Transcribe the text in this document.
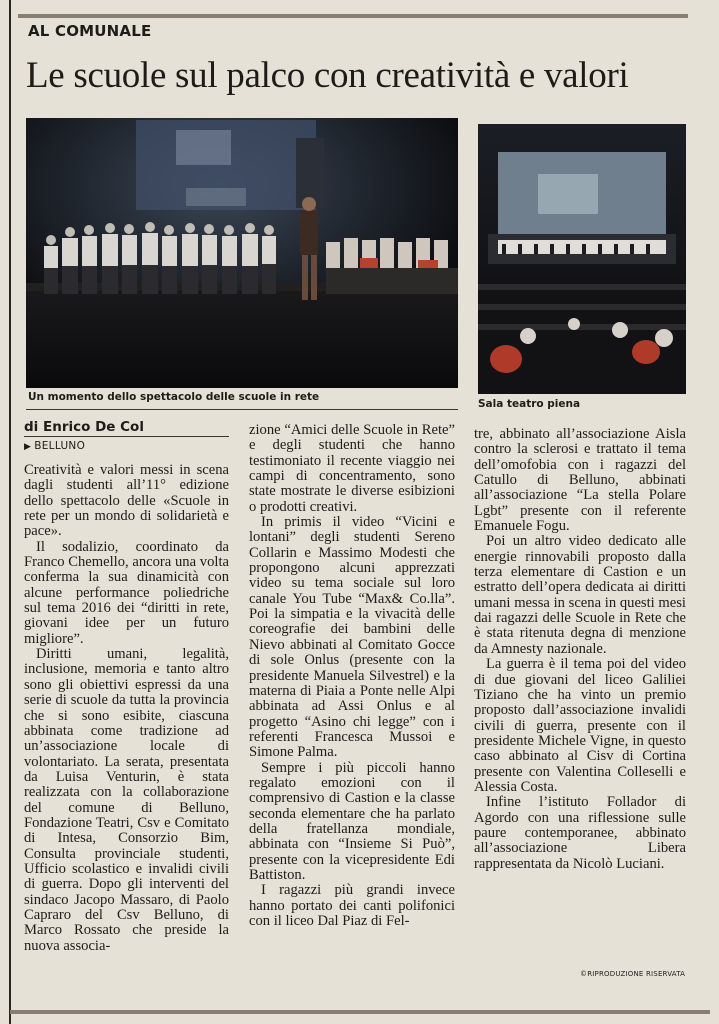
AL COMUNALE
Le scuole sul palco con creatività e valori
Un momento dello spettacolo delle scuole in rete
Sala teatro piena
di Enrico De Col
▶ BELLUNO

Creatività e valori messi in scena dagli studenti all’11° edizione dello spettacolo delle «Scuole in rete per un mondo di solidarietà e pace».

Il sodalizio, coordinato da Franco Chemello, ancora una volta conferma la sua dinamicità con alcune performance poliedriche sul tema 2016 dei “diritti in rete, giovani idee per un futuro migliore”.

Diritti umani, legalità, inclusione, memoria e tanto altro sono gli obiettivi espressi da una serie di scuole da tutta la provincia che si sono esibite, ciascuna abbinata come tradizione ad un’associazione locale di volontariato. La serata, presentata da Luisa Venturin, è stata realizzata con la collaborazione del comune di Belluno, Fondazione Teatri, Csv e Comitato di Intesa, Consorzio Bim, Consulta provinciale studenti, Ufficio scolastico e invalidi civili di guerra. Dopo gli interventi del sindaco Jacopo Massaro, di Paolo Capraro del Csv Belluno, di Marco Rossato che preside la nuova associa-

zione “Amici delle Scuole in Rete” e degli studenti che hanno testimoniato il recente viaggio nei campi di concentramento, sono state mostrate le diverse esibizioni o prodotti creativi.

In primis il video “Vicini e lontani” degli studenti Sereno Collarin e Massimo Modesti che propongono alcuni apprezzati video su tema sociale sul loro canale You Tube “Max& Co.lla”. Poi la simpatia e la vivacità delle coreografie dei bambini delle Nievo abbinati al Comitato Gocce di sole Onlus (presente con la presidente Manuela Silvestrel) e la materna di Piaia a Ponte nelle Alpi abbinata ad Assi Onlus e al progetto “Asino chi legge” con i referenti Francesca Mussoi e Simone Palma.

Sempre i più piccoli hanno regalato emozioni con il comprensivo di Castion e la classe seconda elementare che ha parlato della fratellanza mondiale, abbinata con “Insieme Si Può”, presente con la vicepresidente Edi Battiston.

I ragazzi più grandi invece hanno portato dei canti polifonici con il liceo Dal Piaz di Fel-

tre, abbinato all’associazione Aisla contro la sclerosi e trattato il tema dell’omofobia con i ragazzi del Catullo di Belluno, abbinati all’associazione “La stella Polare Lgbt” presente con il referente Emanuele Fogu.

Poi un altro video dedicato alle energie rinnovabili proposto dalla terza elementare di Castion e un estratto dell’opera dedicata ai diritti umani messa in scena in questi mesi dai ragazzi delle Scuole in Rete che è stata ritenuta degna di menzione da Amnesty nazionale.

La guerra è il tema poi del video di due giovani del liceo Galiliei Tiziano che ha vinto un premio proposto dall’associazione invalidi civili di guerra, presente con il presidente Michele Vigne, in questo caso abbinato al Cisv di Cortina presente con Valentina Colleselli e Alessia Costa.

Infine l’istituto Follador di Agordo con una riflessione sulle paure contemporanee, abbinato all’associazione Libera rappresentata da Nicolò Luciani.

©RIPRODUZIONE RISERVATA
